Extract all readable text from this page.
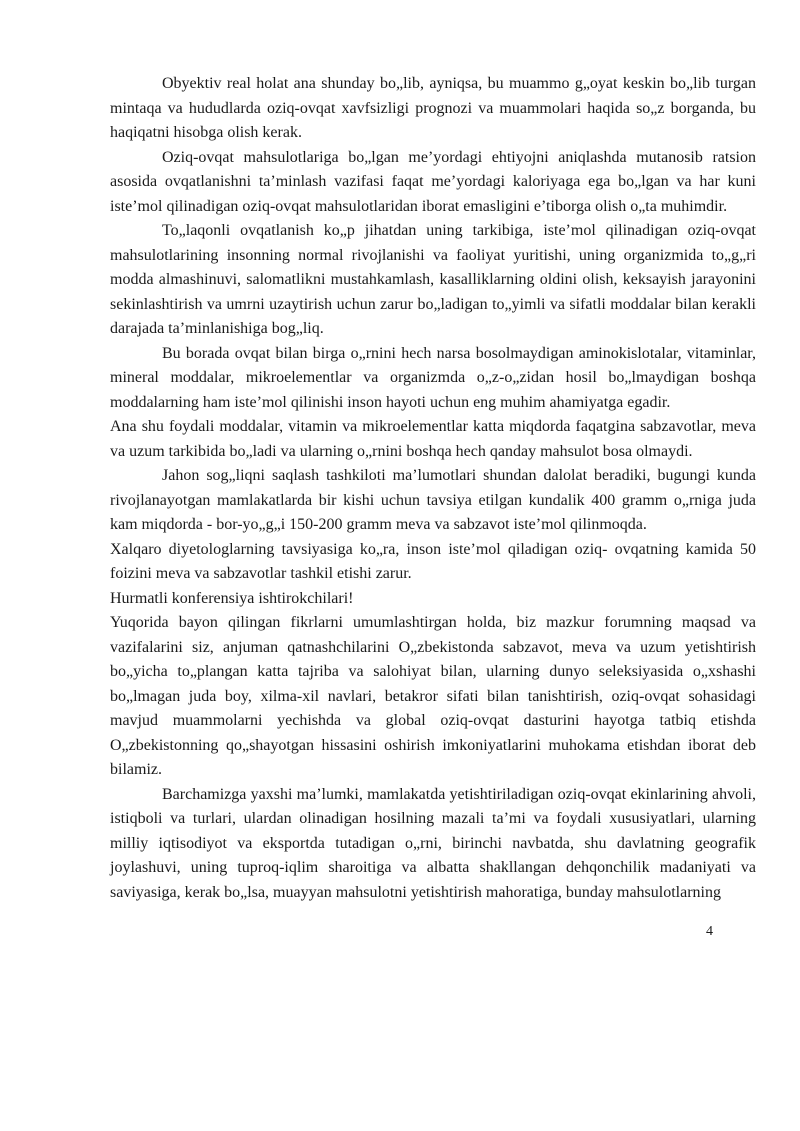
Obyektiv real holat ana shunday bo„lib, ayniqsa, bu muammo g„oyat keskin bo„lib turgan mintaqa va hududlarda oziq-ovqat xavfsizligi prognozi va muammolari haqida so„z borganda, bu haqiqatni hisobga olish kerak.

Oziq-ovqat mahsulotlariga bo„lgan me’yordagi ehtiyojni aniqlashda mutanosib ratsion asosida ovqatlanishni ta’minlash vazifasi faqat me’yordagi kaloriyaga ega bo„lgan va har kuni iste’mol qilinadigan oziq-ovqat mahsulotlaridan iborat emasligini e’tiborga olish o„ta muhimdir.

To„laqonli ovqatlanish ko„p jihatdan uning tarkibiga, iste’mol qilinadigan oziq-ovqat mahsulotlarining insonning normal rivojlanishi va faoliyat yuritishi, uning organizmida to„g„ri modda almashinuvi, salomatlikni mustahkamlash, kasalliklarning oldini olish, keksayish jarayonini sekinlashtirish va umrni uzaytirish uchun zarur bo„ladigan to„yimli va sifatli moddalar bilan kerakli darajada ta’minlanishiga bog„liq.

Bu borada ovqat bilan birga o„rnini hech narsa bosolmaydigan aminokislotalar, vitaminlar, mineral moddalar, mikroelementlar va organizmda o„z-o„zidan hosil bo„lmaydigan boshqa moddalarning ham iste’mol qilinishi inson hayoti uchun eng muhim ahamiyatga egadir.

Ana shu foydali moddalar, vitamin va mikroelementlar katta miqdorda faqatgina sabzavotlar, meva va uzum tarkibida bo„ladi va ularning o„rnini boshqa hech qanday mahsulot bosa olmaydi.

Jahon sog„liqni saqlash tashkiloti ma’lumotlari shundan dalolat beradiki, bugungi kunda rivojlanayotgan mamlakatlarda bir kishi uchun tavsiya etilgan kundalik 400 gramm o„rniga juda kam miqdorda - bor-yo„g„i 150-200 gramm meva va sabzavot iste’mol qilinmoqda.

Xalqaro diyetologlarning tavsiyasiga ko„ra, inson iste’mol qiladigan oziq- ovqatning kamida 50 foizini meva va sabzavotlar tashkil etishi zarur.

Hurmatli konferensiya ishtirokchilari!

Yuqorida bayon qilingan fikrlarni umumlashtirgan holda, biz mazkur forumning maqsad va vazifalarini siz, anjuman qatnashchilarini O„zbekistonda sabzavot, meva va uzum yetishtirish bo„yicha to„plangan katta tajriba va salohiyat bilan, ularning dunyo seleksiyasida o„xshashi bo„lmagan juda boy, xilma-xil navlari, betakror sifati bilan tanishtirish, oziq-ovqat sohasidagi mavjud muammolarni yechishda va global oziq-ovqat dasturini hayotga tatbiq etishda O„zbekistonning qo„shayotgan hissasini oshirish imkoniyatlarini muhokama etishdan iborat deb bilamiz.

Barchamizga yaxshi ma’lumki, mamlakatda yetishtiriladigan oziq-ovqat ekinlarining ahvoli, istiqboli va turlari, ulardan olinadigan hosilning mazali ta’mi va foydali xususiyatlari, ularning milliy iqtisodiyot va eksportda tutadigan o„rni, birinchi navbatda, shu davlatning geografik joylashuvi, uning tuproq-iqlim sharoitiga va albatta shakllangan dehqonchilik madaniyati va saviyasiga, kerak bo„lsa, muayyan mahsulotni yetishtirish mahoratiga, bunday mahsulotlarning

4
